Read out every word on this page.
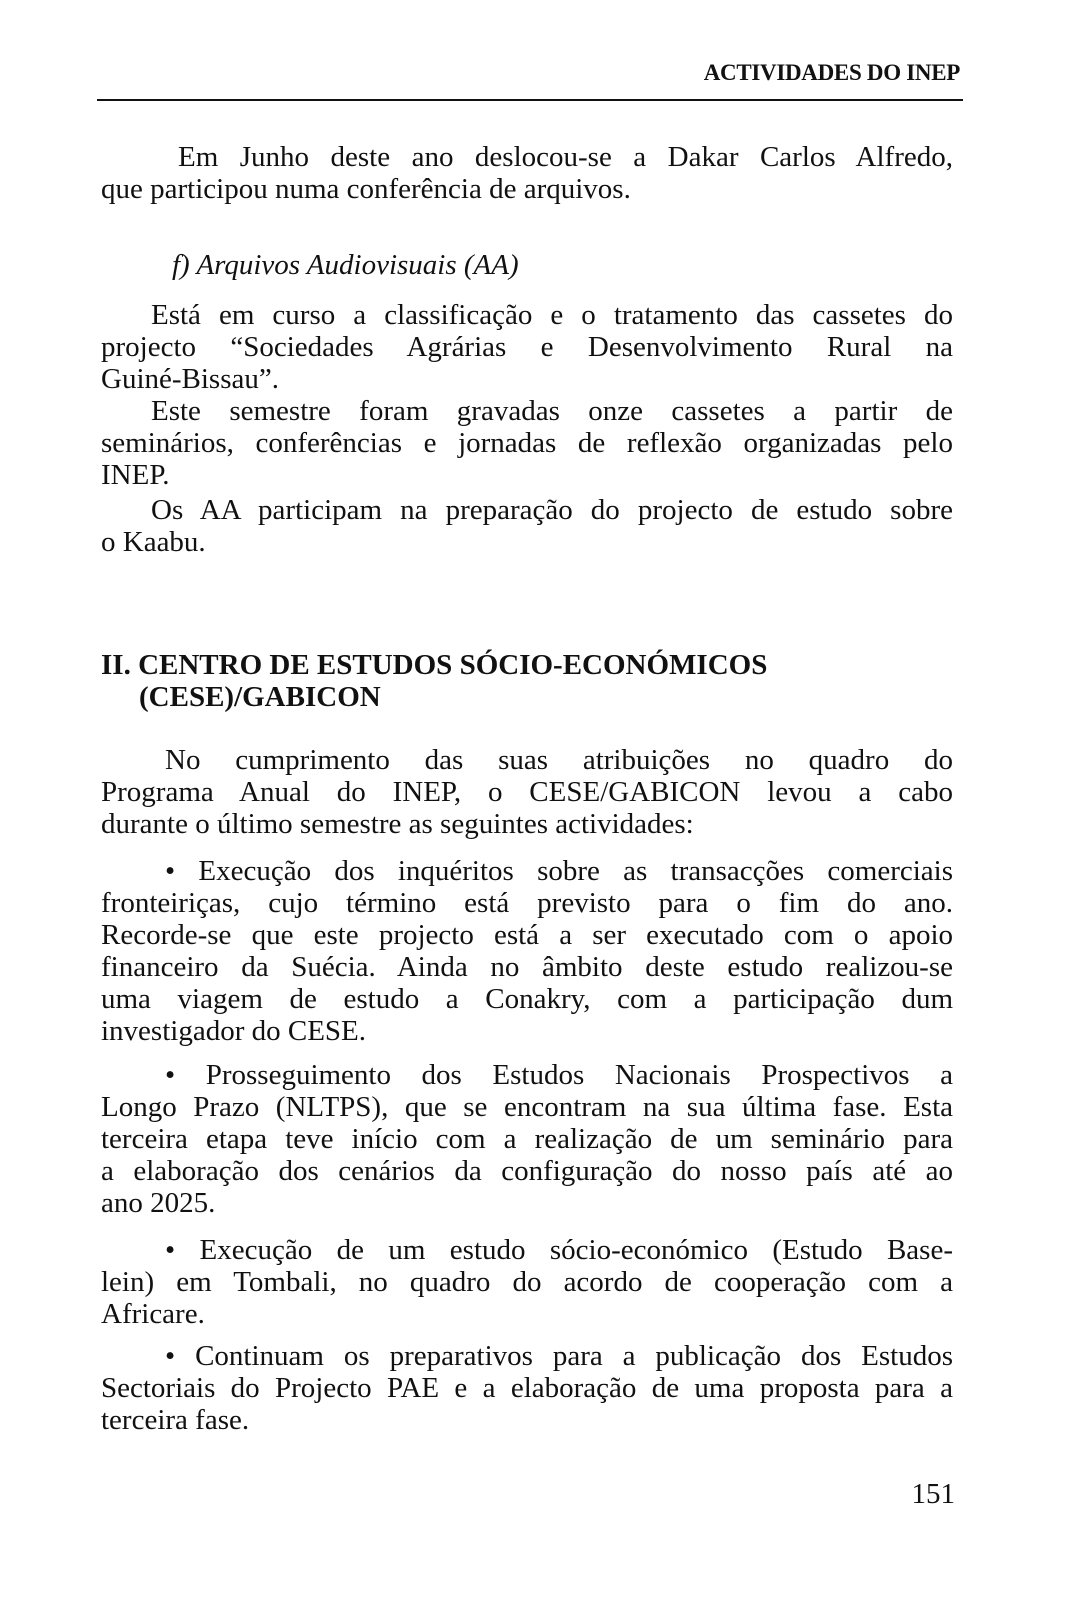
ACTIVIDADES DO INEP
Em Junho deste ano deslocou-se a Dakar Carlos Alfredo,
que participou numa conferência de arquivos.
f) Arquivos Audiovisuais (AA)
Está em curso a classificação e o tratamento das cassetes do
projecto “Sociedades Agrárias e Desenvolvimento Rural na
Guiné-Bissau”.
Este semestre foram gravadas onze cassetes a partir de
seminários, conferências e jornadas de reflexão organizadas pelo
INEP.
Os AA participam na preparação do projecto de estudo sobre
o Kaabu.
II. CENTRO DE ESTUDOS SÓCIO-ECONÓMICOS
(CESE)/GABICON
No cumprimento das suas atribuições no quadro do
Programa Anual do INEP, o CESE/GABICON levou a cabo
durante o último semestre as seguintes actividades:
• Execução dos inquéritos sobre as transacções comerciais
fronteiriças, cujo término está previsto para o fim do ano.
Recorde-se que este projecto está a ser executado com o apoio
financeiro da Suécia. Ainda no âmbito deste estudo realizou-se
uma viagem de estudo a Conakry, com a participação dum
investigador do CESE.
• Prosseguimento dos Estudos Nacionais Prospectivos a
Longo Prazo (NLTPS), que se encontram na sua última fase. Esta
terceira etapa teve início com a realização de um seminário para
a elaboração dos cenários da configuração do nosso país até ao
ano 2025.
• Execução de um estudo sócio-económico (Estudo Base-
lein) em Tombali, no quadro do acordo de cooperação com a
Africare.
• Continuam os preparativos para a publicação dos Estudos
Sectoriais do Projecto PAE e a elaboração de uma proposta para a
terceira fase.
151
